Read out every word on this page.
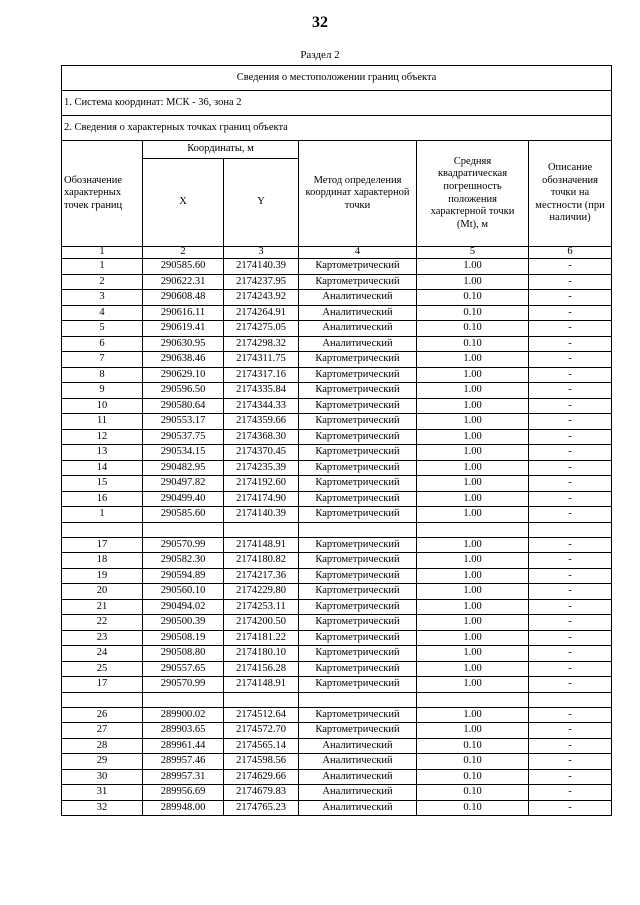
32
Раздел 2
Сведения о местоположении границ объекта					
1. Система координат: МСК - 36, зона 2					
2. Сведения о характерных точках границ объекта					
Обозначение характерных точек границ	Координаты, м		Метод определения координат характерной точки	Средняя квадратическая погрешность положения характерной точки (Mt), м	Описание обозначения точки на местности (при наличии)
	X	Y			
1	2	3	4	5	6
1	290585.60	2174140.39	Картометрический	1.00	-
2	290622.31	2174237.95	Картометрический	1.00	-
3	290608.48	2174243.92	Аналитический	0.10	-
4	290616.11	2174264.91	Аналитический	0.10	-
5	290619.41	2174275.05	Аналитический	0.10	-
6	290630.95	2174298.32	Аналитический	0.10	-
7	290638.46	2174311.75	Картометрический	1.00	-
8	290629.10	2174317.16	Картометрический	1.00	-
9	290596.50	2174335.84	Картометрический	1.00	-
10	290580.64	2174344.33	Картометрический	1.00	-
11	290553.17	2174359.66	Картометрический	1.00	-
12	290537.75	2174368.30	Картометрический	1.00	-
13	290534.15	2174370.45	Картометрический	1.00	-
14	290482.95	2174235.39	Картометрический	1.00	-
15	290497.82	2174192.60	Картометрический	1.00	-
16	290499.40	2174174.90	Картометрический	1.00	-
1	290585.60	2174140.39	Картометрический	1.00	-

17	290570.99	2174148.91	Картометрический	1.00	-
18	290582.30	2174180.82	Картометрический	1.00	-
19	290594.89	2174217.36	Картометрический	1.00	-
20	290560.10	2174229.80	Картометрический	1.00	-
21	290494.02	2174253.11	Картометрический	1.00	-
22	290500.39	2174200.50	Картометрический	1.00	-
23	290508.19	2174181.22	Картометрический	1.00	-
24	290508.80	2174180.10	Картометрический	1.00	-
25	290557.65	2174156.28	Картометрический	1.00	-
17	290570.99	2174148.91	Картометрический	1.00	-

26	289900.02	2174512.64	Картометрический	1.00	-
27	289903.65	2174572.70	Картометрический	1.00	-
28	289961.44	2174565.14	Аналитический	0.10	-
29	289957.46	2174598.56	Аналитический	0.10	-
30	289957.31	2174629.66	Аналитический	0.10	-
31	289956.69	2174679.83	Аналитический	0.10	-
32	289948.00	2174765.23	Аналитический	0.10	-
